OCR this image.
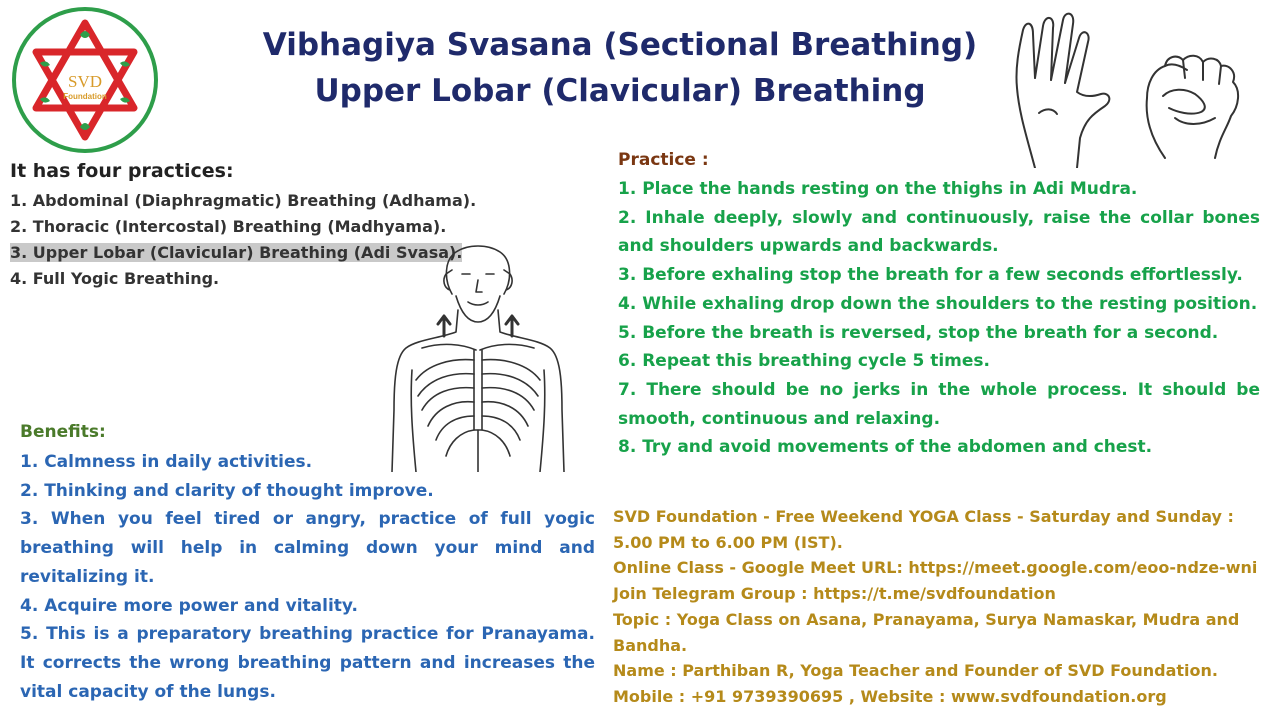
SVD
Foundation
Vibhagiya Svasana (Sectional Breathing)
Upper Lobar (Clavicular) Breathing
It has four practices:
1. Abdominal (Diaphragmatic) Breathing (Adhama).
2. Thoracic (Intercostal) Breathing (Madhyama).
3. Upper Lobar (Clavicular) Breathing (Adi Svasa).
4. Full Yogic Breathing.
Benefits:
1. Calmness in daily activities.
2. Thinking and clarity of thought improve.
3. When you feel tired or angry, practice of full yogic breathing will help in calming down your mind and revitalizing it.
4. Acquire more power and vitality.
5. This is a preparatory breathing practice for Pranayama. It corrects the wrong breathing pattern and increases the vital capacity of the lungs.
Practice :
1. Place the hands resting on the thighs in Adi Mudra.
2. Inhale deeply, slowly and continuously, raise the collar bones and shoulders upwards and backwards.
3. Before exhaling stop the breath for a few seconds effortlessly.
4. While exhaling drop down the shoulders to the resting position.
5. Before the breath is reversed, stop the breath for a second.
6. Repeat this breathing cycle 5 times.
7. There should be no jerks in the whole process. It should be smooth, continuous and relaxing.
8. Try and avoid movements of the abdomen and chest.
SVD Foundation - Free Weekend YOGA Class - Saturday and Sunday : 5.00 PM to 6.00 PM (IST).
Online Class - Google Meet URL: https://meet.google.com/eoo-ndze-wni
Join Telegram Group : https://t.me/svdfoundation
Topic : Yoga Class on Asana, Pranayama, Surya Namaskar, Mudra and Bandha.
Name : Parthiban R, Yoga Teacher and Founder of SVD Foundation.
Mobile : +91 9739390695 , Website : www.svdfoundation.org
